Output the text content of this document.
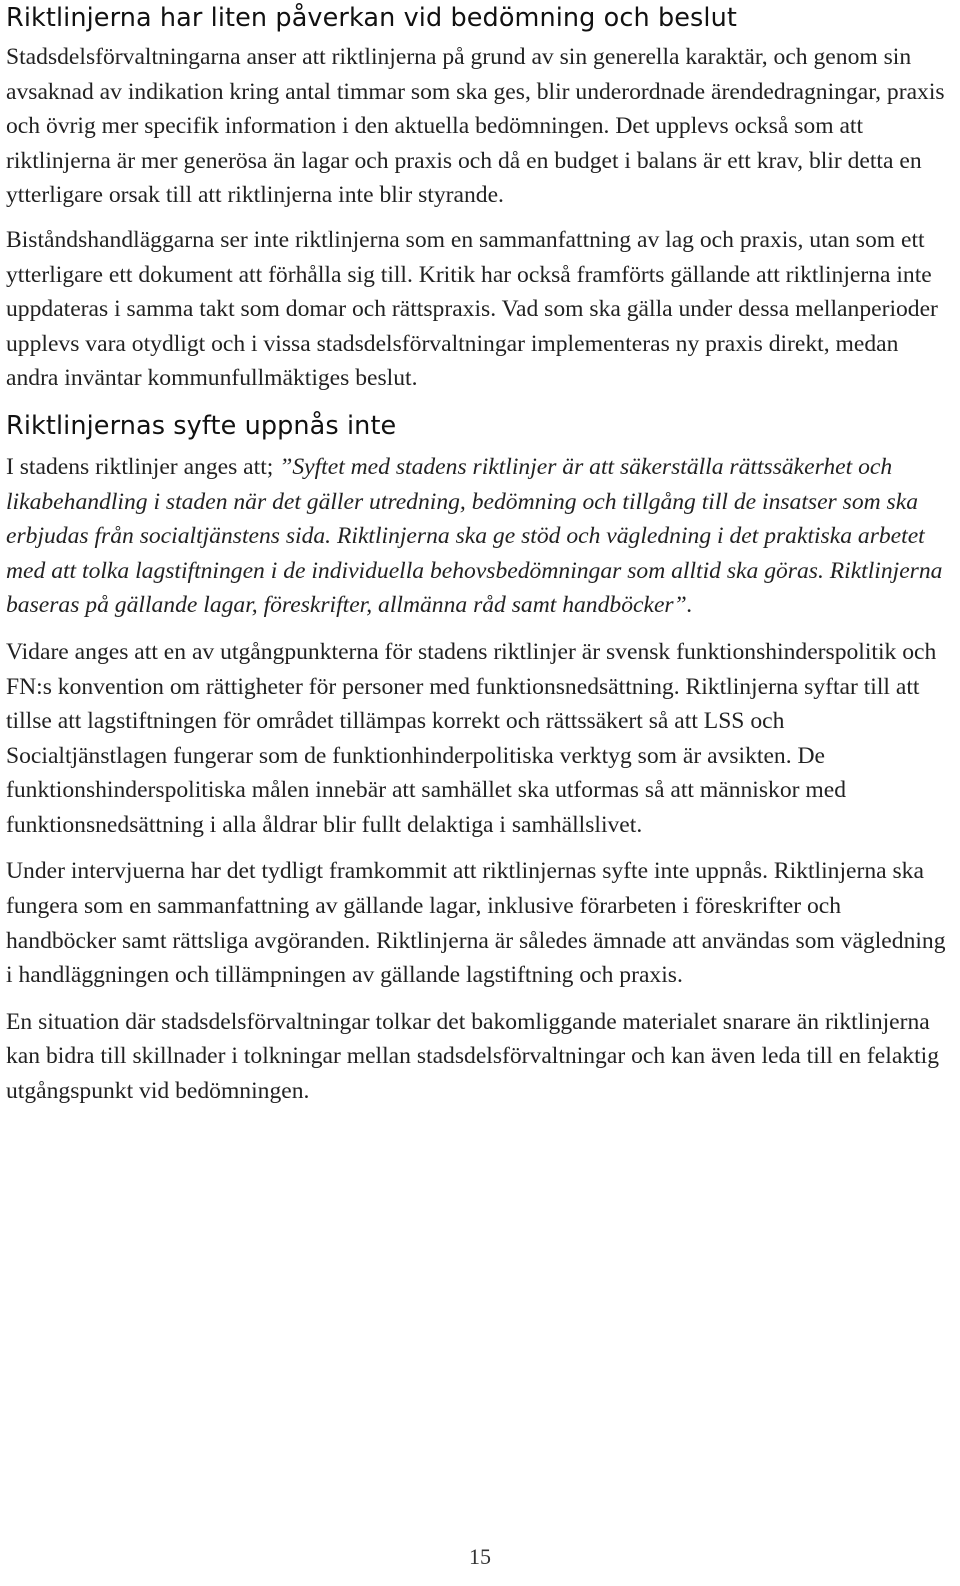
Riktlinjerna har liten påverkan vid bedömning och beslut

Stadsdelsförvaltningarna anser att riktlinjerna på grund av sin generella karaktär, och genom sin avsaknad av indikation kring antal timmar som ska ges, blir underordnade ärendedragningar, praxis och övrig mer specifik information i den aktuella bedömningen. Det upplevs också som att riktlinjerna är mer generösa än lagar och praxis och då en budget i balans är ett krav, blir detta en ytterligare orsak till att riktlinjerna inte blir styrande.

Biståndshandläggarna ser inte riktlinjerna som en sammanfattning av lag och praxis, utan som ett ytterligare ett dokument att förhålla sig till. Kritik har också framförts gällande att riktlinjerna inte uppdateras i samma takt som domar och rättspraxis. Vad som ska gälla under dessa mellanperioder upplevs vara otydligt och i vissa stadsdelsförvaltningar implementeras ny praxis direkt, medan andra inväntar kommunfullmäktiges beslut.

Riktlinjernas syfte uppnås inte

I stadens riktlinjer anges att; ”Syftet med stadens riktlinjer är att säkerställa rättssäkerhet och likabehandling i staden när det gäller utredning, bedömning och tillgång till de insatser som ska erbjudas från socialtjänstens sida. Riktlinjerna ska ge stöd och vägledning i det praktiska arbetet med att tolka lagstiftningen i de individuella behovsbedömningar som alltid ska göras. Riktlinjerna baseras på gällande lagar, föreskrifter, allmänna råd samt handböcker”.

Vidare anges att en av utgångpunkterna för stadens riktlinjer är svensk funktionshinderspolitik och FN:s konvention om rättigheter för personer med funktionsnedsättning. Riktlinjerna syftar till att tillse att lagstiftningen för området tillämpas korrekt och rättssäkert så att LSS och Socialtjänstlagen fungerar som de funktionhinderpolitiska verktyg som är avsikten. De funktionshinderspolitiska målen innebär att samhället ska utformas så att människor med funktionsnedsättning i alla åldrar blir fullt delaktiga i samhällslivet.

Under intervjuerna har det tydligt framkommit att riktlinjernas syfte inte uppnås. Riktlinjerna ska fungera som en sammanfattning av gällande lagar, inklusive förarbeten i föreskrifter och handböcker samt rättsliga avgöranden. Riktlinjerna är således ämnade att användas som vägledning i handläggningen och tillämpningen av gällande lagstiftning och praxis.

En situation där stadsdelsförvaltningar tolkar det bakomliggande materialet snarare än riktlinjerna kan bidra till skillnader i tolkningar mellan stadsdelsförvaltningar och kan även leda till en felaktig utgångspunkt vid bedömningen.

15
